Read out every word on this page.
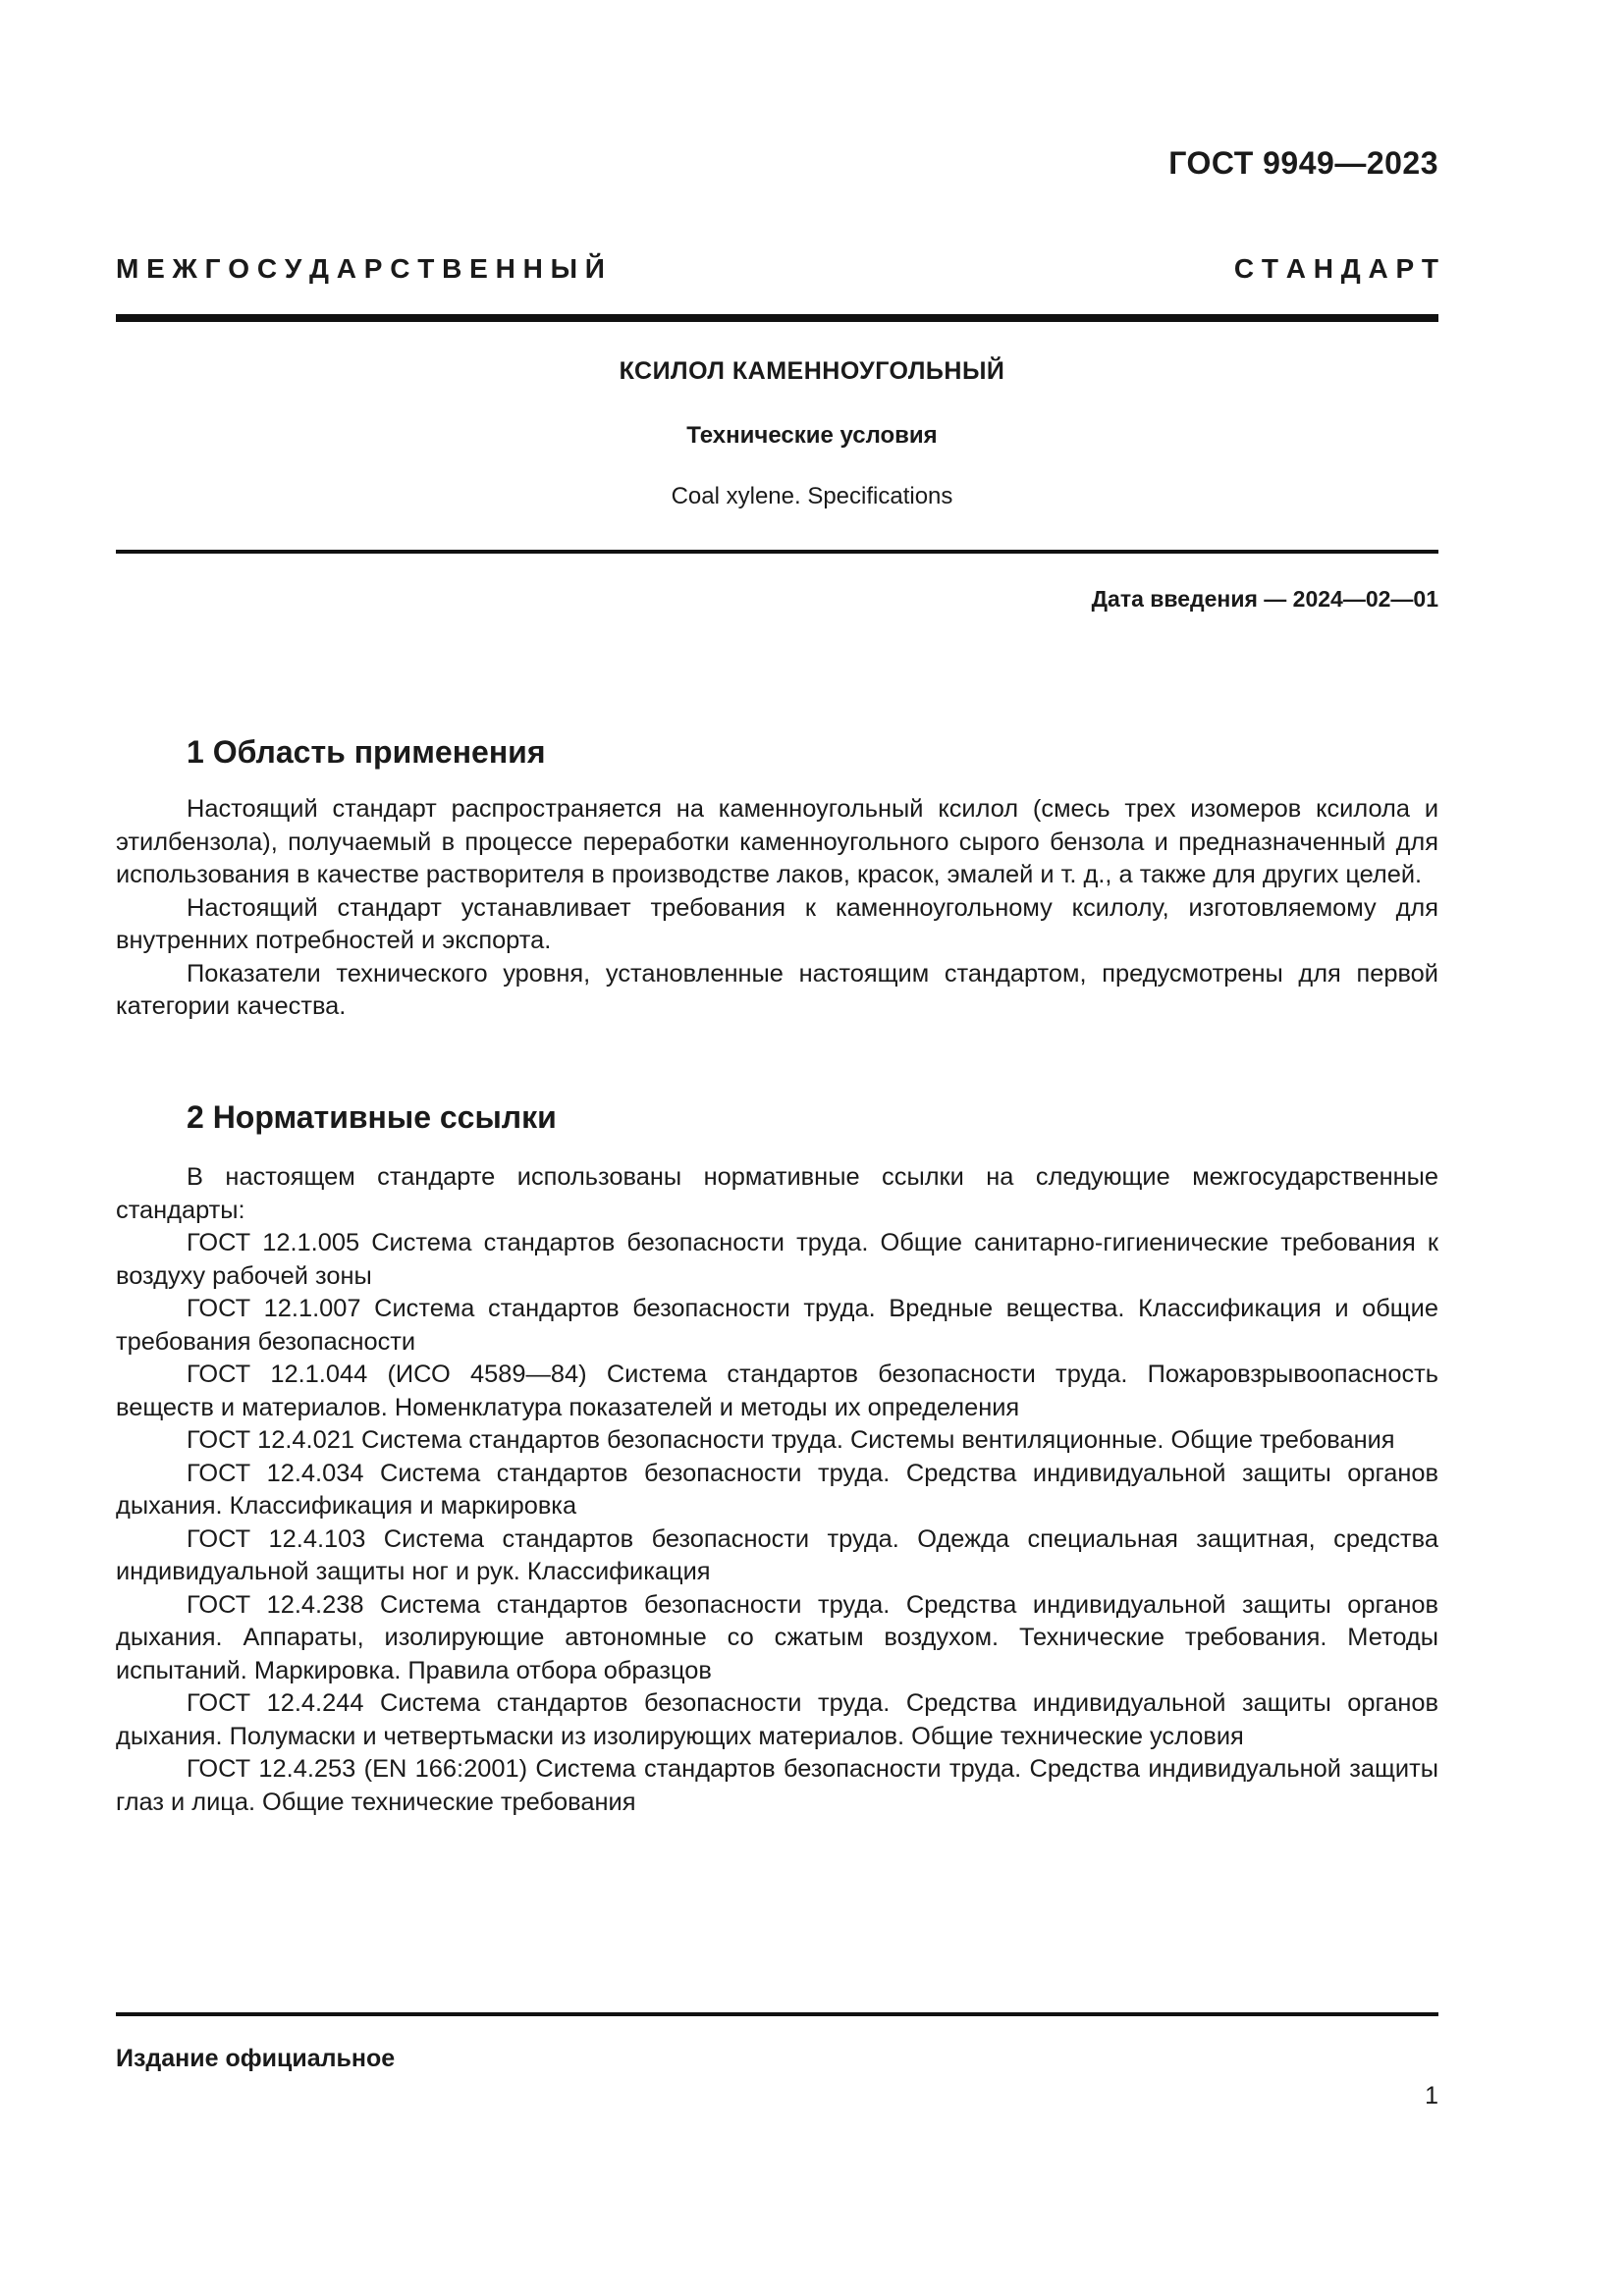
ГОСТ 9949—2023
М Е Ж Г О С У Д А Р С Т В Е Н Н Ы Й	С Т А Н Д А Р Т
КСИЛОЛ КАМЕННОУГОЛЬНЫЙ
Технические условия
Coal xylene. Specifications
Дата введения — 2024—02—01
1 Область применения

Настоящий стандарт распространяется на каменноугольный ксилол (смесь трех изомеров ксилола и этилбензола), получаемый в процессе переработки каменноугольного сырого бензола и предназначенный для использования в качестве растворителя в производстве лаков, красок, эмалей и т. д., а также для других целей.

Настоящий стандарт устанавливает требования к каменноугольному ксилолу, изготовляемому для внутренних потребностей и экспорта.

Показатели технического уровня, установленные настоящим стандартом, предусмотрены для первой категории качества.

2 Нормативные ссылки

В настоящем стандарте использованы нормативные ссылки на следующие межгосударственные стандарты:

ГОСТ 12.1.005 Система стандартов безопасности труда. Общие санитарно-гигиенические требования к воздуху рабочей зоны

ГОСТ 12.1.007 Система стандартов безопасности труда. Вредные вещества. Классификация и общие требования безопасности

ГОСТ 12.1.044 (ИСО 4589—84) Система стандартов безопасности труда. Пожаровзрывоопасность веществ и материалов. Номенклатура показателей и методы их определения

ГОСТ 12.4.021 Система стандартов безопасности труда. Системы вентиляционные. Общие требования

ГОСТ 12.4.034 Система стандартов безопасности труда. Средства индивидуальной защиты органов дыхания. Классификация и маркировка

ГОСТ 12.4.103 Система стандартов безопасности труда. Одежда специальная защитная, средства индивидуальной защиты ног и рук. Классификация

ГОСТ 12.4.238 Система стандартов безопасности труда. Средства индивидуальной защиты органов дыхания. Аппараты, изолирующие автономные со сжатым воздухом. Технические требования. Методы испытаний. Маркировка. Правила отбора образцов

ГОСТ 12.4.244 Система стандартов безопасности труда. Средства индивидуальной защиты органов дыхания. Полумаски и четвертьмаски из изолирующих материалов. Общие технические условия

ГОСТ 12.4.253 (EN 166:2001) Система стандартов безопасности труда. Средства индивидуальной защиты глаз и лица. Общие технические требования

Издание официальное
1
